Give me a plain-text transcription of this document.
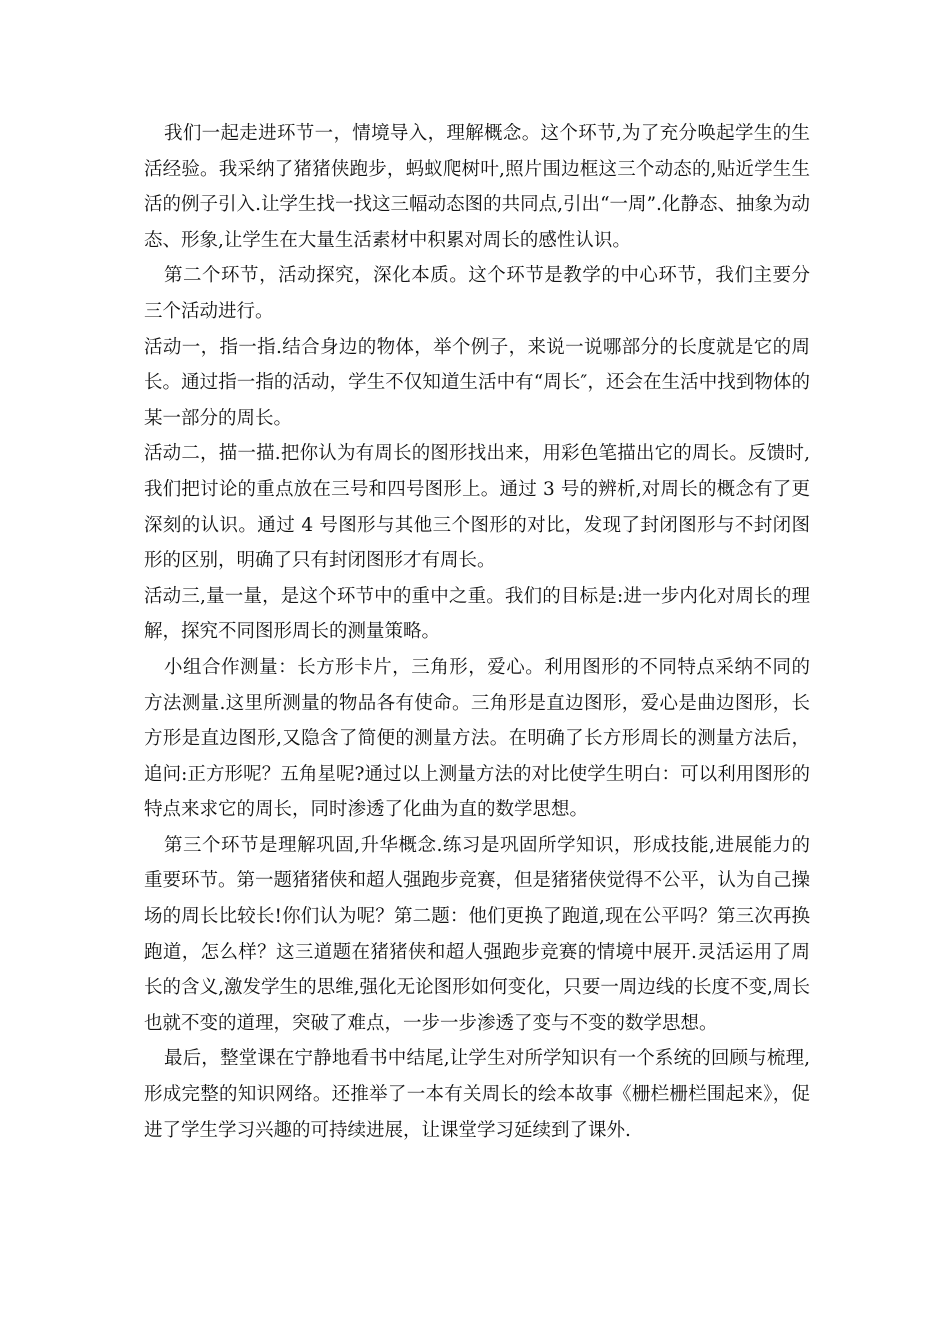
我们一起走进环节一，情境导入，理解概念。这个环节,为了充分唤起学生的生活经验。我采纳了猪猪侠跑步，蚂蚁爬树叶,照片围边框这三个动态的,贴近学生生活的例子引入.让学生找一找这三幅动态图的共同点,引出“一周”.化静态、抽象为动态、形象,让学生在大量生活素材中积累对周长的感性认识。

第二个环节，活动探究，深化本质。这个环节是教学的中心环节，我们主要分三个活动进行。

活动一，指一指.结合身边的物体，举个例子，来说一说哪部分的长度就是它的周长。通过指一指的活动，学生不仅知道生活中有“周长″，还会在生活中找到物体的某一部分的周长。

活动二，描一描.把你认为有周长的图形找出来，用彩色笔描出它的周长。反馈时,我们把讨论的重点放在三号和四号图形上。通过 3 号的辨析,对周长的概念有了更深刻的认识。通过 4 号图形与其他三个图形的对比，发现了封闭图形与不封闭图形的区别，明确了只有封闭图形才有周长。

活动三,量一量，是这个环节中的重中之重。我们的目标是:进一步内化对周长的理解，探究不同图形周长的测量策略。

小组合作测量：长方形卡片，三角形，爱心。利用图形的不同特点采纳不同的方法测量.这里所测量的物品各有使命。三角形是直边图形，爱心是曲边图形，长方形是直边图形,又隐含了简便的测量方法。在明确了长方形周长的测量方法后，追问:正方形呢？五角星呢?通过以上测量方法的对比使学生明白：可以利用图形的特点来求它的周长，同时渗透了化曲为直的数学思想。

第三个环节是理解巩固,升华概念.练习是巩固所学知识，形成技能,进展能力的重要环节。第一题猪猪侠和超人强跑步竞赛，但是猪猪侠觉得不公平，认为自己操场的周长比较长!你们认为呢？第二题：他们更换了跑道,现在公平吗？第三次再换跑道，怎么样？这三道题在猪猪侠和超人强跑步竞赛的情境中展开.灵活运用了周长的含义,激发学生的思维,强化无论图形如何变化，只要一周边线的长度不变,周长也就不变的道理，突破了难点，一步一步渗透了变与不变的数学思想。

最后，整堂课在宁静地看书中结尾,让学生对所学知识有一个系统的回顾与梳理,形成完整的知识网络。还推举了一本有关周长的绘本故事《栅栏栅栏围起来》，促进了学生学习兴趣的可持续进展，让课堂学习延续到了课外.
